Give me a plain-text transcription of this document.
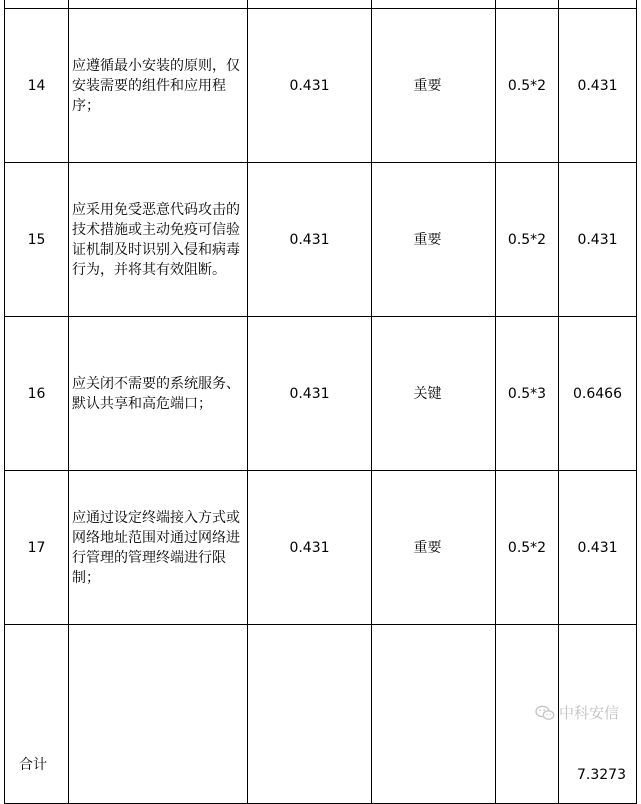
14	应遵循最小安装的原则，仅安装需要的组件和应用程序；	0.431	重要	0.5*2	0.431
15	应采用免受恶意代码攻击的技术措施或主动免疫可信验证机制及时识别入侵和病毒行为，并将其有效阻断。	0.431	重要	0.5*2	0.431
16	应关闭不需要的系统服务、默认共享和高危端口；	0.431	关键	0.5*3	0.6466
17	应通过设定终端接入方式或网络地址范围对通过网络进行管理的管理终端进行限制；	0.431	重要	0.5*2	0.431
合计					7.3273
中科安信
